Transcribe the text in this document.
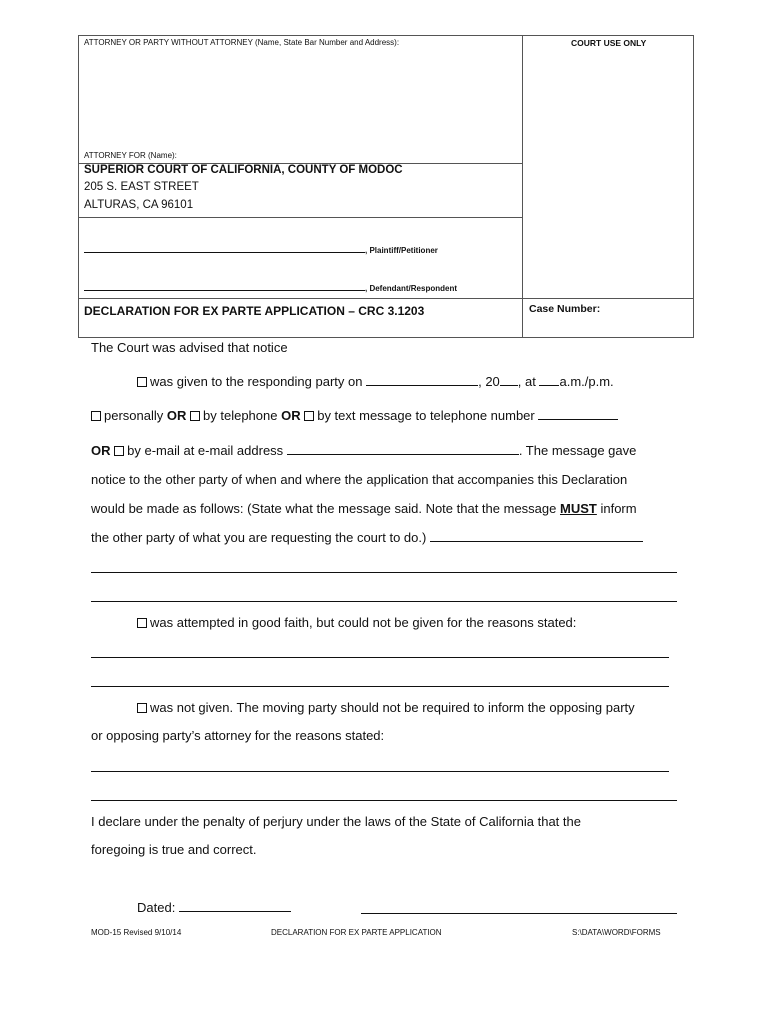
ATTORNEY OR PARTY WITHOUT ATTORNEY (Name, State Bar Number and Address):	COURT USE ONLY
ATTORNEY FOR (Name):
SUPERIOR COURT OF CALIFORNIA, COUNTY OF MODOC
205 S. EAST STREET
ALTURAS, CA 96101
, Plaintiff/Petitioner
, Defendant/Respondent
DECLARATION FOR EX PARTE APPLICATION – CRC 3.1203	Case Number:
The Court was advised that notice
was given to the responding party on	, 20 , at a.m./p.m.
personally OR by telephone OR by text message to telephone number
OR by e-mail at e-mail address	. The message gave
notice to the other party of when and where the application that accompanies this Declaration
would be made as follows: (State what the message said. Note that the message MUST inform
the other party of what you are requesting the court to do.)
was attempted in good faith, but could not be given for the reasons stated:
was not given. The moving party should not be required to inform the opposing party
or opposing party’s attorney for the reasons stated:
I declare under the penalty of perjury under the laws of the State of California that the
foregoing is true and correct.
Dated:
MOD-15 Revised 9/10/14	DECLARATION FOR EX PARTE APPLICATION	S:\DATA\WORD\FORMS
